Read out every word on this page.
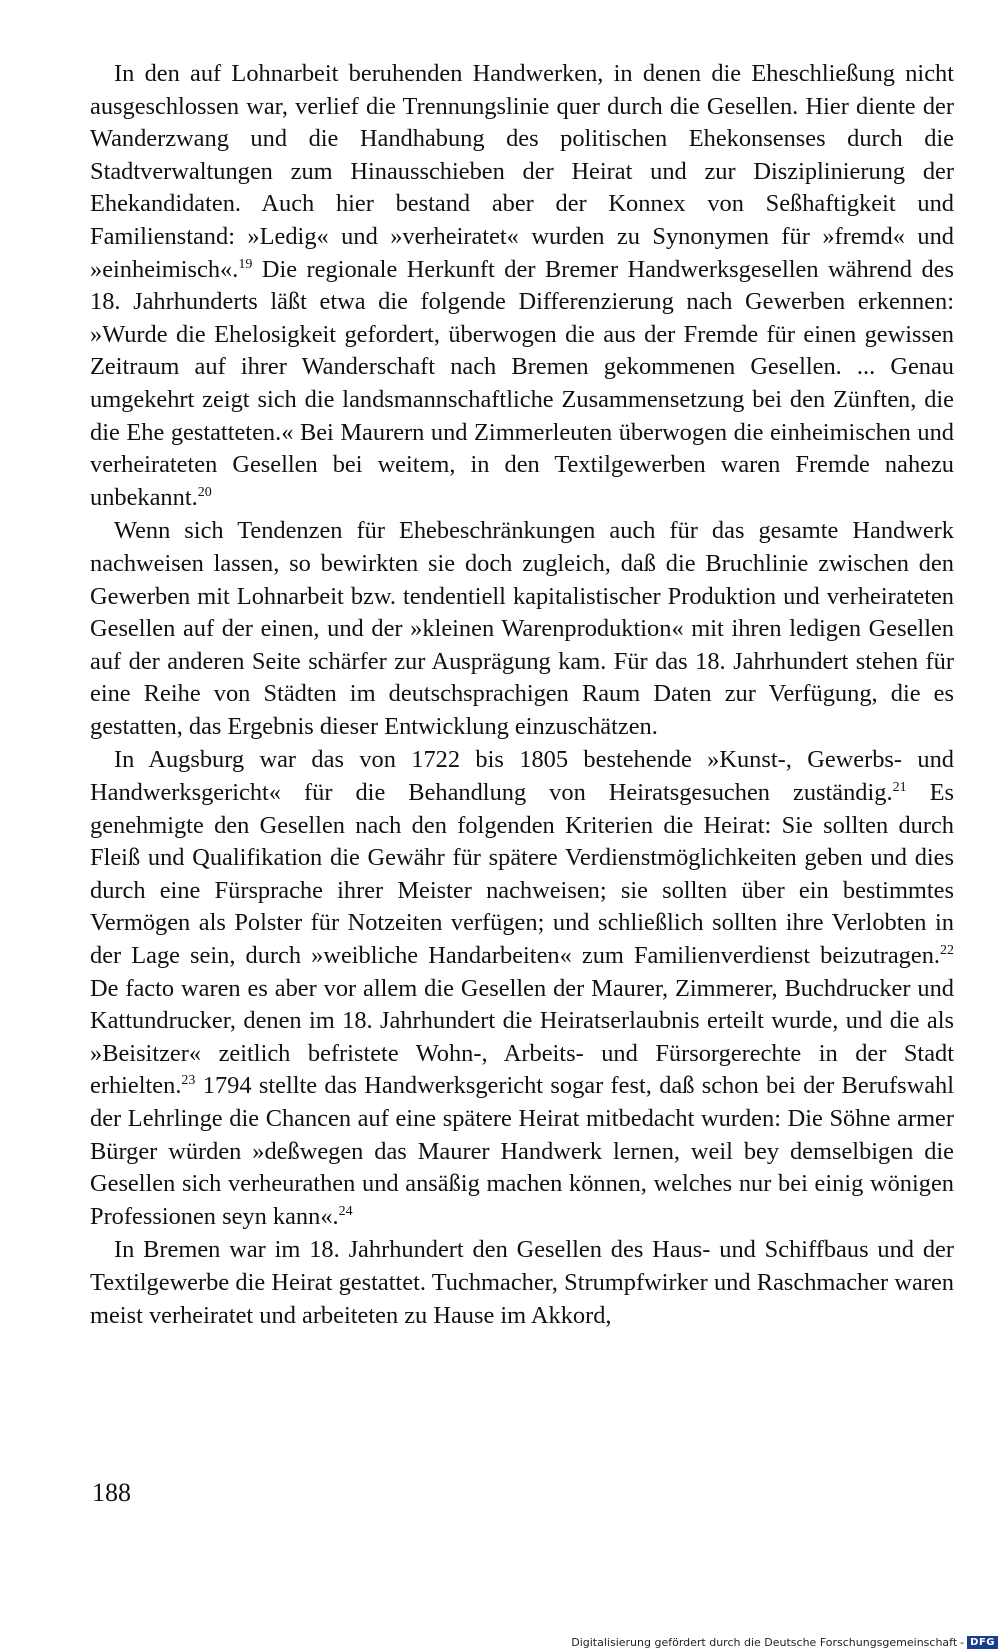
In den auf Lohnarbeit beruhenden Handwerken, in denen die Eheschließung nicht ausgeschlossen war, verlief die Trennungslinie quer durch die Gesellen. Hier diente der Wanderzwang und die Handhabung des politischen Ehekonsenses durch die Stadtverwaltungen zum Hinausschieben der Heirat und zur Disziplinierung der Ehekandidaten. Auch hier bestand aber der Konnex von Seßhaftigkeit und Familienstand: »Ledig« und »verheiratet« wurden zu Synonymen für »fremd« und »einheimisch«.$^{19}$ Die regionale Herkunft der Bremer Handwerksgesellen während des 18. Jahrhunderts läßt etwa die folgende Differenzierung nach Gewerben erkennen: »Wurde die Ehelosigkeit gefordert, überwogen die aus der Fremde für einen gewissen Zeitraum auf ihrer Wanderschaft nach Bremen gekommenen Gesellen. ... Genau umgekehrt zeigt sich die landsmannschaftliche Zusammensetzung bei den Zünften, die die Ehe gestatteten.« Bei Maurern und Zimmerleuten überwogen die einheimischen und verheirateten Gesellen bei weitem, in den Textilgewerben waren Fremde nahezu unbekannt.$^{20}$

Wenn sich Tendenzen für Ehebeschränkungen auch für das gesamte Handwerk nachweisen lassen, so bewirkten sie doch zugleich, daß die Bruchlinie zwischen den Gewerben mit Lohnarbeit bzw. tendentiell kapitalistischer Produktion und verheirateten Gesellen auf der einen, und der »kleinen Warenproduktion« mit ihren ledigen Gesellen auf der anderen Seite schärfer zur Ausprägung kam. Für das 18. Jahrhundert stehen für eine Reihe von Städten im deutschsprachigen Raum Daten zur Verfügung, die es gestatten, das Ergebnis dieser Entwicklung einzuschätzen.

In Augsburg war das von 1722 bis 1805 bestehende »Kunst-, Gewerbs- und Handwerksgericht« für die Behandlung von Heiratsgesuchen zuständig.$^{21}$ Es genehmigte den Gesellen nach den folgenden Kriterien die Heirat: Sie sollten durch Fleiß und Qualifikation die Gewähr für spätere Verdienstmöglichkeiten geben und dies durch eine Fürsprache ihrer Meister nachweisen; sie sollten über ein bestimmtes Vermögen als Polster für Notzeiten verfügen; und schließlich sollten ihre Verlobten in der Lage sein, durch »weibliche Handarbeiten« zum Familienverdienst beizutragen.$^{22}$ De facto waren es aber vor allem die Gesellen der Maurer, Zimmerer, Buchdrucker und Kattundrucker, denen im 18. Jahrhundert die Heiratserlaubnis erteilt wurde, und die als »Beisitzer« zeitlich befristete Wohn-, Arbeits- und Fürsorgerechte in der Stadt erhielten.$^{23}$ 1794 stellte das Handwerksgericht sogar fest, daß schon bei der Berufswahl der Lehrlinge die Chancen auf eine spätere Heirat mitbedacht wurden: Die Söhne armer Bürger würden »deßwegen das Maurer Handwerk lernen, weil bey demselbigen die Gesellen sich verheurathen und ansäßig machen können, welches nur bei einig wönigen Professionen seyn kann«.$^{24}$

In Bremen war im 18. Jahrhundert den Gesellen des Haus- und Schiffbaus und der Textilgewerbe die Heirat gestattet. Tuchmacher, Strumpfwirker und Raschmacher waren meist verheiratet und arbeiteten zu Hause im Akkord,

188
Digitalisierung gefördert durch die Deutsche Forschungsgemeinschaft - DFG
